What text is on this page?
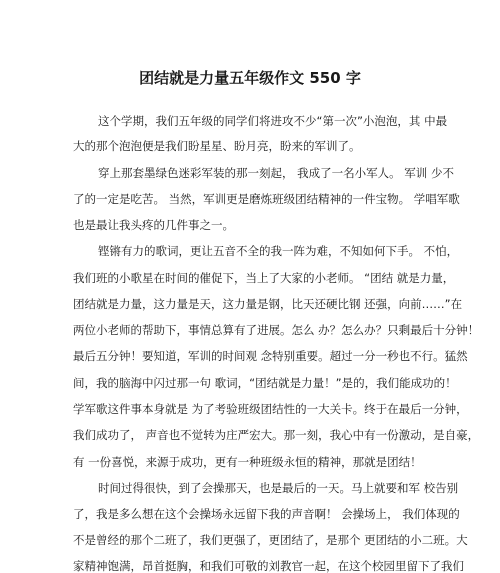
团结就是力量五年级作文 550 字
这个学期，我们五年级的同学们将进攻不少“第一次”小泡泡，其 中最
大的那个泡泡便是我们盼星星、盼月亮，盼来的军训了。
穿上那套墨绿色迷彩军装的那一刻起， 我成了一名小军人。 军训 少不
了的一定是吃苦。 当然，军训更是磨炼班级团结精神的一件宝物。 学唱军歌
也是最让我头疼的几件事之一。
铿锵有力的歌词，更让五音不全的我一阵为难，不知如何下手。 不怕，
我们班的小歌星在时间的催促下，当上了大家的小老师。 “团结 就是力量，
团结就是力量，这力量是天，这力量是钢，比天还硬比钢 还强，向前……”在
两位小老师的帮助下，事情总算有了进展。怎么 办？怎么办？只剩最后十分钟！
最后五分钟！要知道，军训的时间观 念特别重要。超过一分一秒也不行。猛然
间，我的脑海中闪过那一句 歌词，“团结就是力量！”是的，我们能成功的！
学军歌这件事本身就是 为了考验班级团结性的一大关卡。终于在最后一分钟，
我们成功了， 声音也不觉转为庄严宏大。那一刻，我心中有一份激动，是自豪，
有 一份喜悦，来源于成功，更有一种班级永恒的精神，那就是团结！
时间过得很快，到了会操那天，也是最后的一天。马上就要和军 校告别
了，我是多么想在这个会操场永远留下我的声音啊！ 会操场上， 我们体现的
不是曾经的那个二班了，我们更强了，更团结了，是那个 更团结的小二班。大
家精神饱满，昂首挺胸，和我们可敬的刘教官一起，在这个校园里留下了我们
